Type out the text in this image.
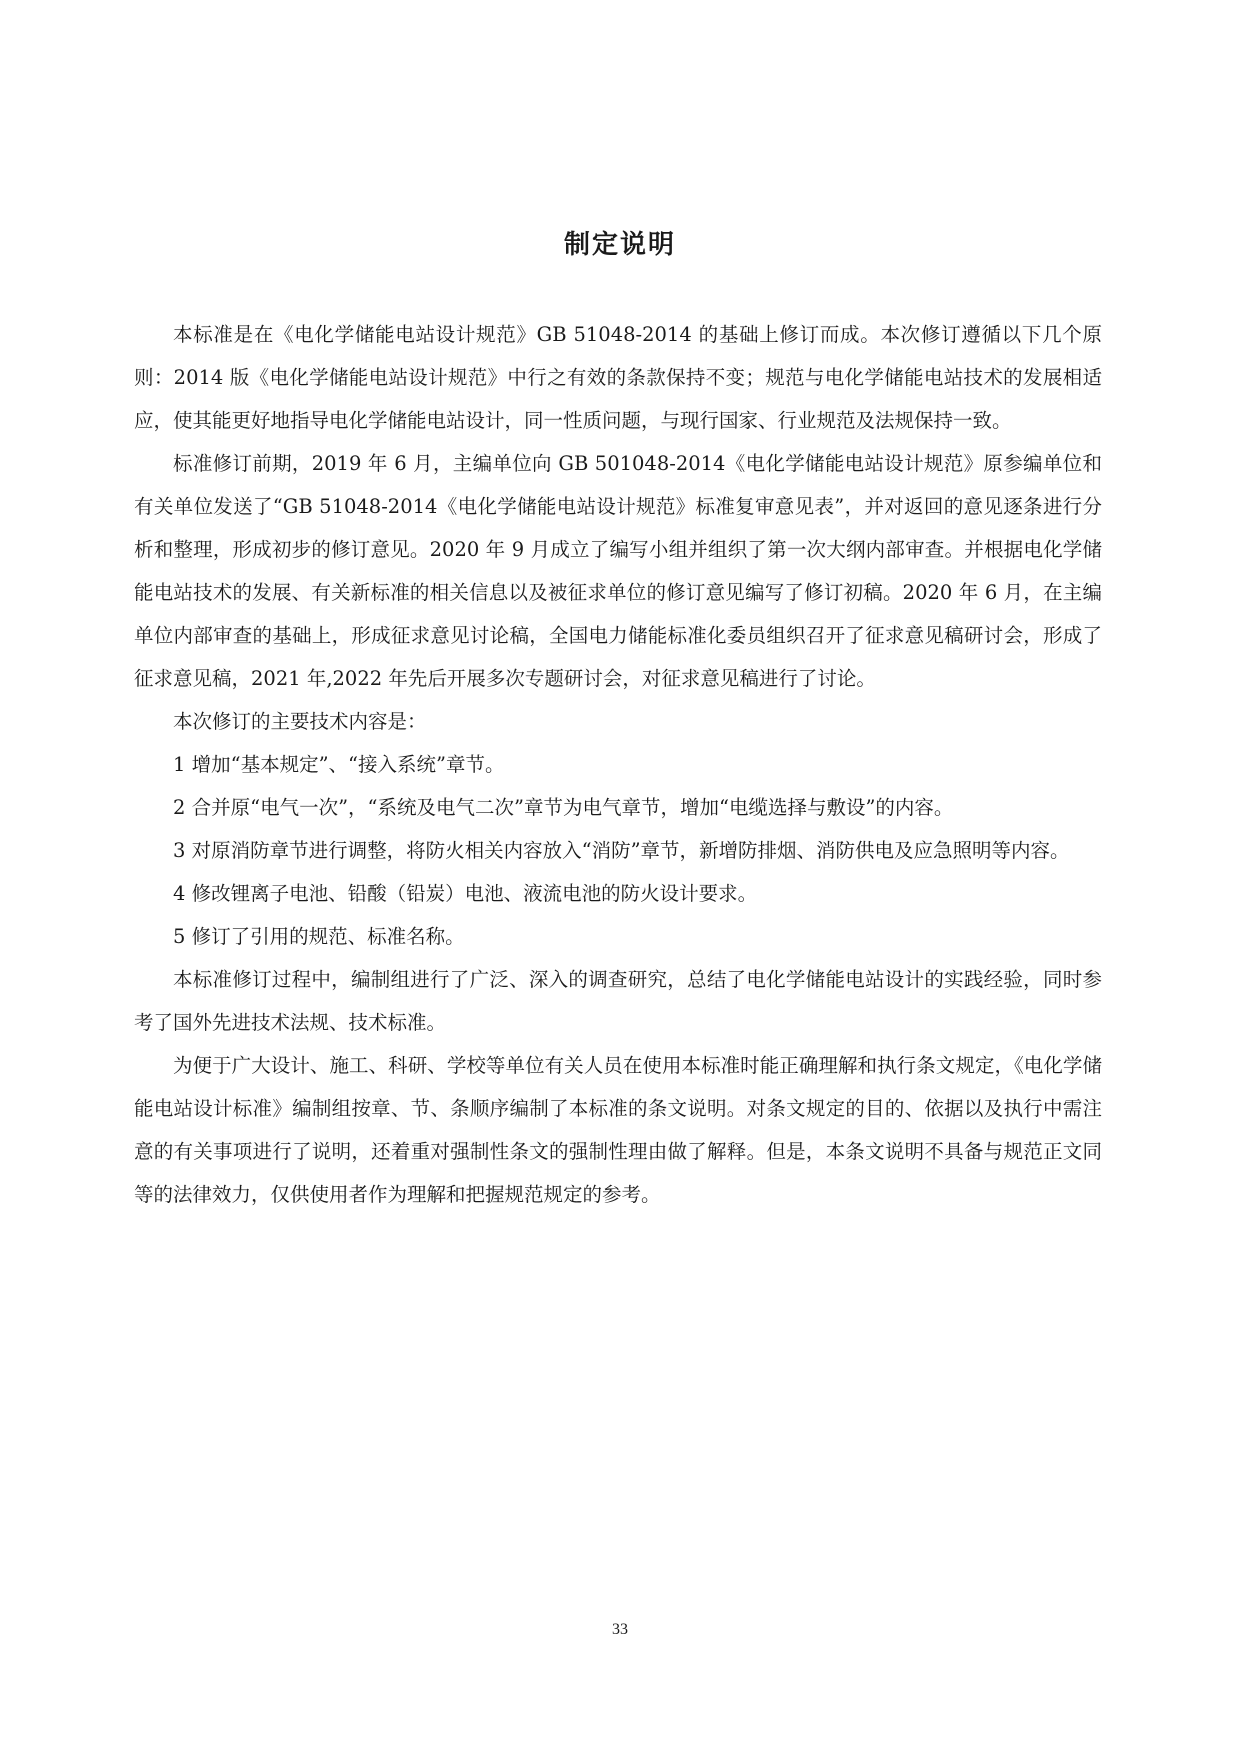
制定说明

本标准是在《电化学储能电站设计规范》GB 51048-2014 的基础上修订而成。本次修订遵循以下几个原则：2014 版《电化学储能电站设计规范》中行之有效的条款保持不变；规范与电化学储能电站技术的发展相适应，使其能更好地指导电化学储能电站设计，同一性质问题，与现行国家、行业规范及法规保持一致。

标准修订前期，2019 年 6 月，主编单位向 GB 501048-2014《电化学储能电站设计规范》原参编单位和有关单位发送了“GB 51048-2014《电化学储能电站设计规范》标准复审意见表”，并对返回的意见逐条进行分析和整理，形成初步的修订意见。2020 年 9 月成立了编写小组并组织了第一次大纲内部审查。并根据电化学储能电站技术的发展、有关新标准的相关信息以及被征求单位的修订意见编写了修订初稿。2020 年 6 月，在主编单位内部审查的基础上，形成征求意见讨论稿，全国电力储能标准化委员组织召开了征求意见稿研讨会，形成了征求意见稿，2021 年,2022 年先后开展多次专题研讨会，对征求意见稿进行了讨论。

本次修订的主要技术内容是：

1 增加“基本规定”、“接入系统”章节。

2 合并原“电气一次”，“系统及电气二次”章节为电气章节，增加“电缆选择与敷设”的内容。

3 对原消防章节进行调整，将防火相关内容放入“消防”章节，新增防排烟、消防供电及应急照明等内容。

4 修改锂离子电池、铅酸（铅炭）电池、液流电池的防火设计要求。

5 修订了引用的规范、标准名称。

本标准修订过程中，编制组进行了广泛、深入的调查研究，总结了电化学储能电站设计的实践经验，同时参考了国外先进技术法规、技术标准。

为便于广大设计、施工、科研、学校等单位有关人员在使用本标准时能正确理解和执行条文规定，《电化学储能电站设计标准》编制组按章、节、条顺序编制了本标准的条文说明。对条文规定的目的、依据以及执行中需注意的有关事项进行了说明，还着重对强制性条文的强制性理由做了解释。但是，本条文说明不具备与规范正文同等的法律效力，仅供使用者作为理解和把握规范规定的参考。

33
